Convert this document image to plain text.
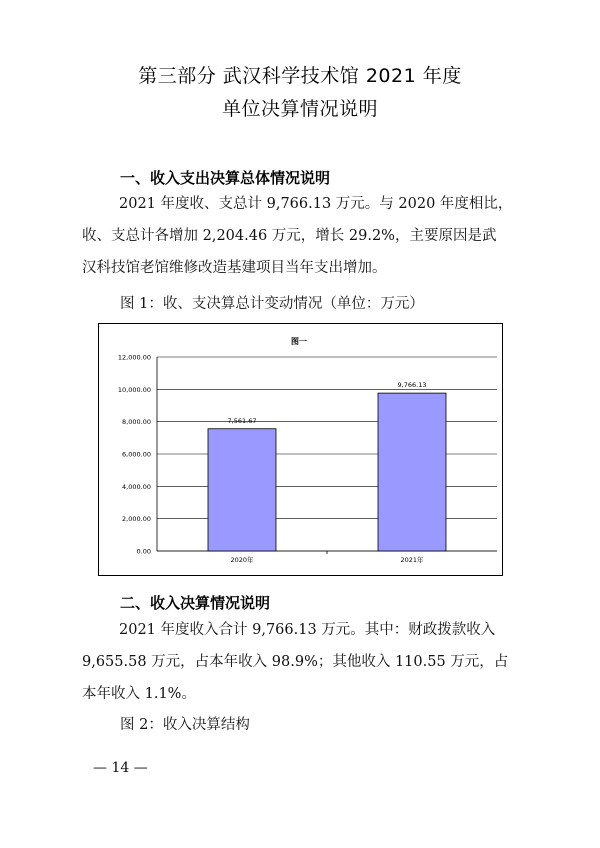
第三部分 武汉科学技术馆 2021 年度
单位决算情况说明
一、收入支出决算总体情况说明
2021 年度收、支总计 9,766.13 万元。与 2020 年度相比，
收、支总计各增加 2,204.46 万元，增长 29.2%，主要原因是武
汉科技馆老馆维修改造基建项目当年支出增加。
图 1：收、支决算总计变动情况（单位：万元）
图一
0.00
2,000.00
4,000.00
6,000.00
8,000.00
10,000.00
12,000.00
7,561.67
2020年
9,766.13
2021年
二、收入决算情况说明
2021 年度收入合计 9,766.13 万元。其中：财政拨款收入
9,655.58 万元，占本年收入 98.9%；其他收入 110.55 万元，占
本年收入 1.1%。
图 2：收入决算结构
— 14 —
